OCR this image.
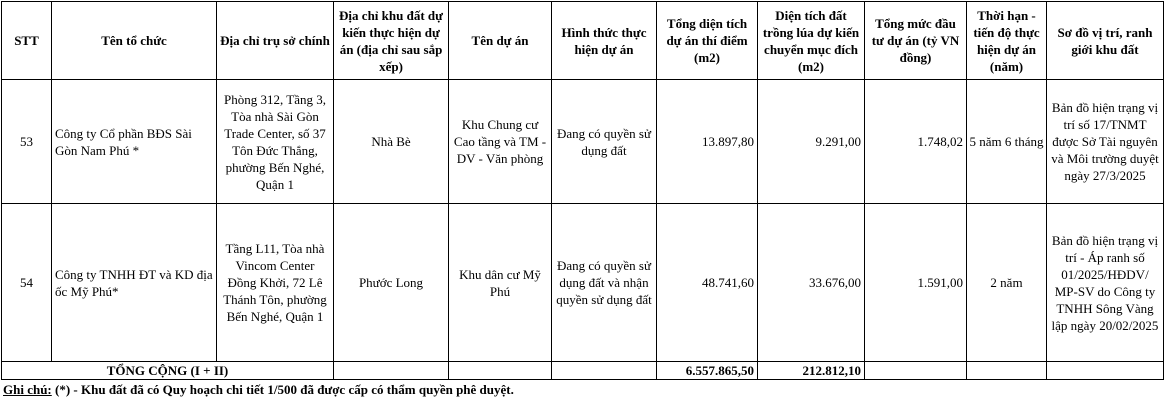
STT	Tên tổ chức	Địa chỉ trụ sở chính	Địa chỉ khu đất dự kiến thực hiện dự án (địa chỉ sau sắp xếp)	Tên dự án	Hình thức thực hiện dự án	Tổng diện tích dự án thí điểm (m2)	Diện tích đất trồng lúa dự kiến chuyển mục đích (m2)	Tổng mức đầu tư dự án (tỷ VN đồng)	Thời hạn - tiến độ thực hiện dự án (năm)	Sơ đồ vị trí, ranh giới khu đất
53	Công ty Cổ phần BĐS Sài Gòn Nam Phú *	Phòng 312, Tầng 3, Tòa nhà Sài Gòn Trade Center, số 37 Tôn Đức Thắng, phường Bến Nghé, Quận 1	Nhà Bè	Khu Chung cư Cao tầng và TM - DV - Văn phòng	Đang có quyền sử dụng đất	13.897,80	9.291,00	1.748,02	5 năm 6 tháng	Bản đồ hiện trạng vị trí số 17/TNMT được Sở Tài nguyên và Môi trường duyệt ngày 27/3/2025
54	Công ty TNHH ĐT và KD địa ốc Mỹ Phú*	Tầng L11, Tòa nhà Vincom Center Đồng Khởi, 72 Lê Thánh Tôn, phường Bến Nghé, Quận 1	Phước Long	Khu dân cư Mỹ Phú	Đang có quyền sử dụng đất và nhận quyền sử dụng đất	48.741,60	33.676,00	1.591,00	2 năm	Bản đồ hiện trạng vị trí - Áp ranh số 01/2025/HĐDV/ MP-SV do Công ty TNHH Sông Vàng lập ngày 20/02/2025
TỔNG CỘNG (I + II)						6.557.865,50	212.812,10			
Ghi chú: (*) - Khu đất đã có Quy hoạch chi tiết 1/500 đã được cấp có thẩm quyền phê duyệt.
